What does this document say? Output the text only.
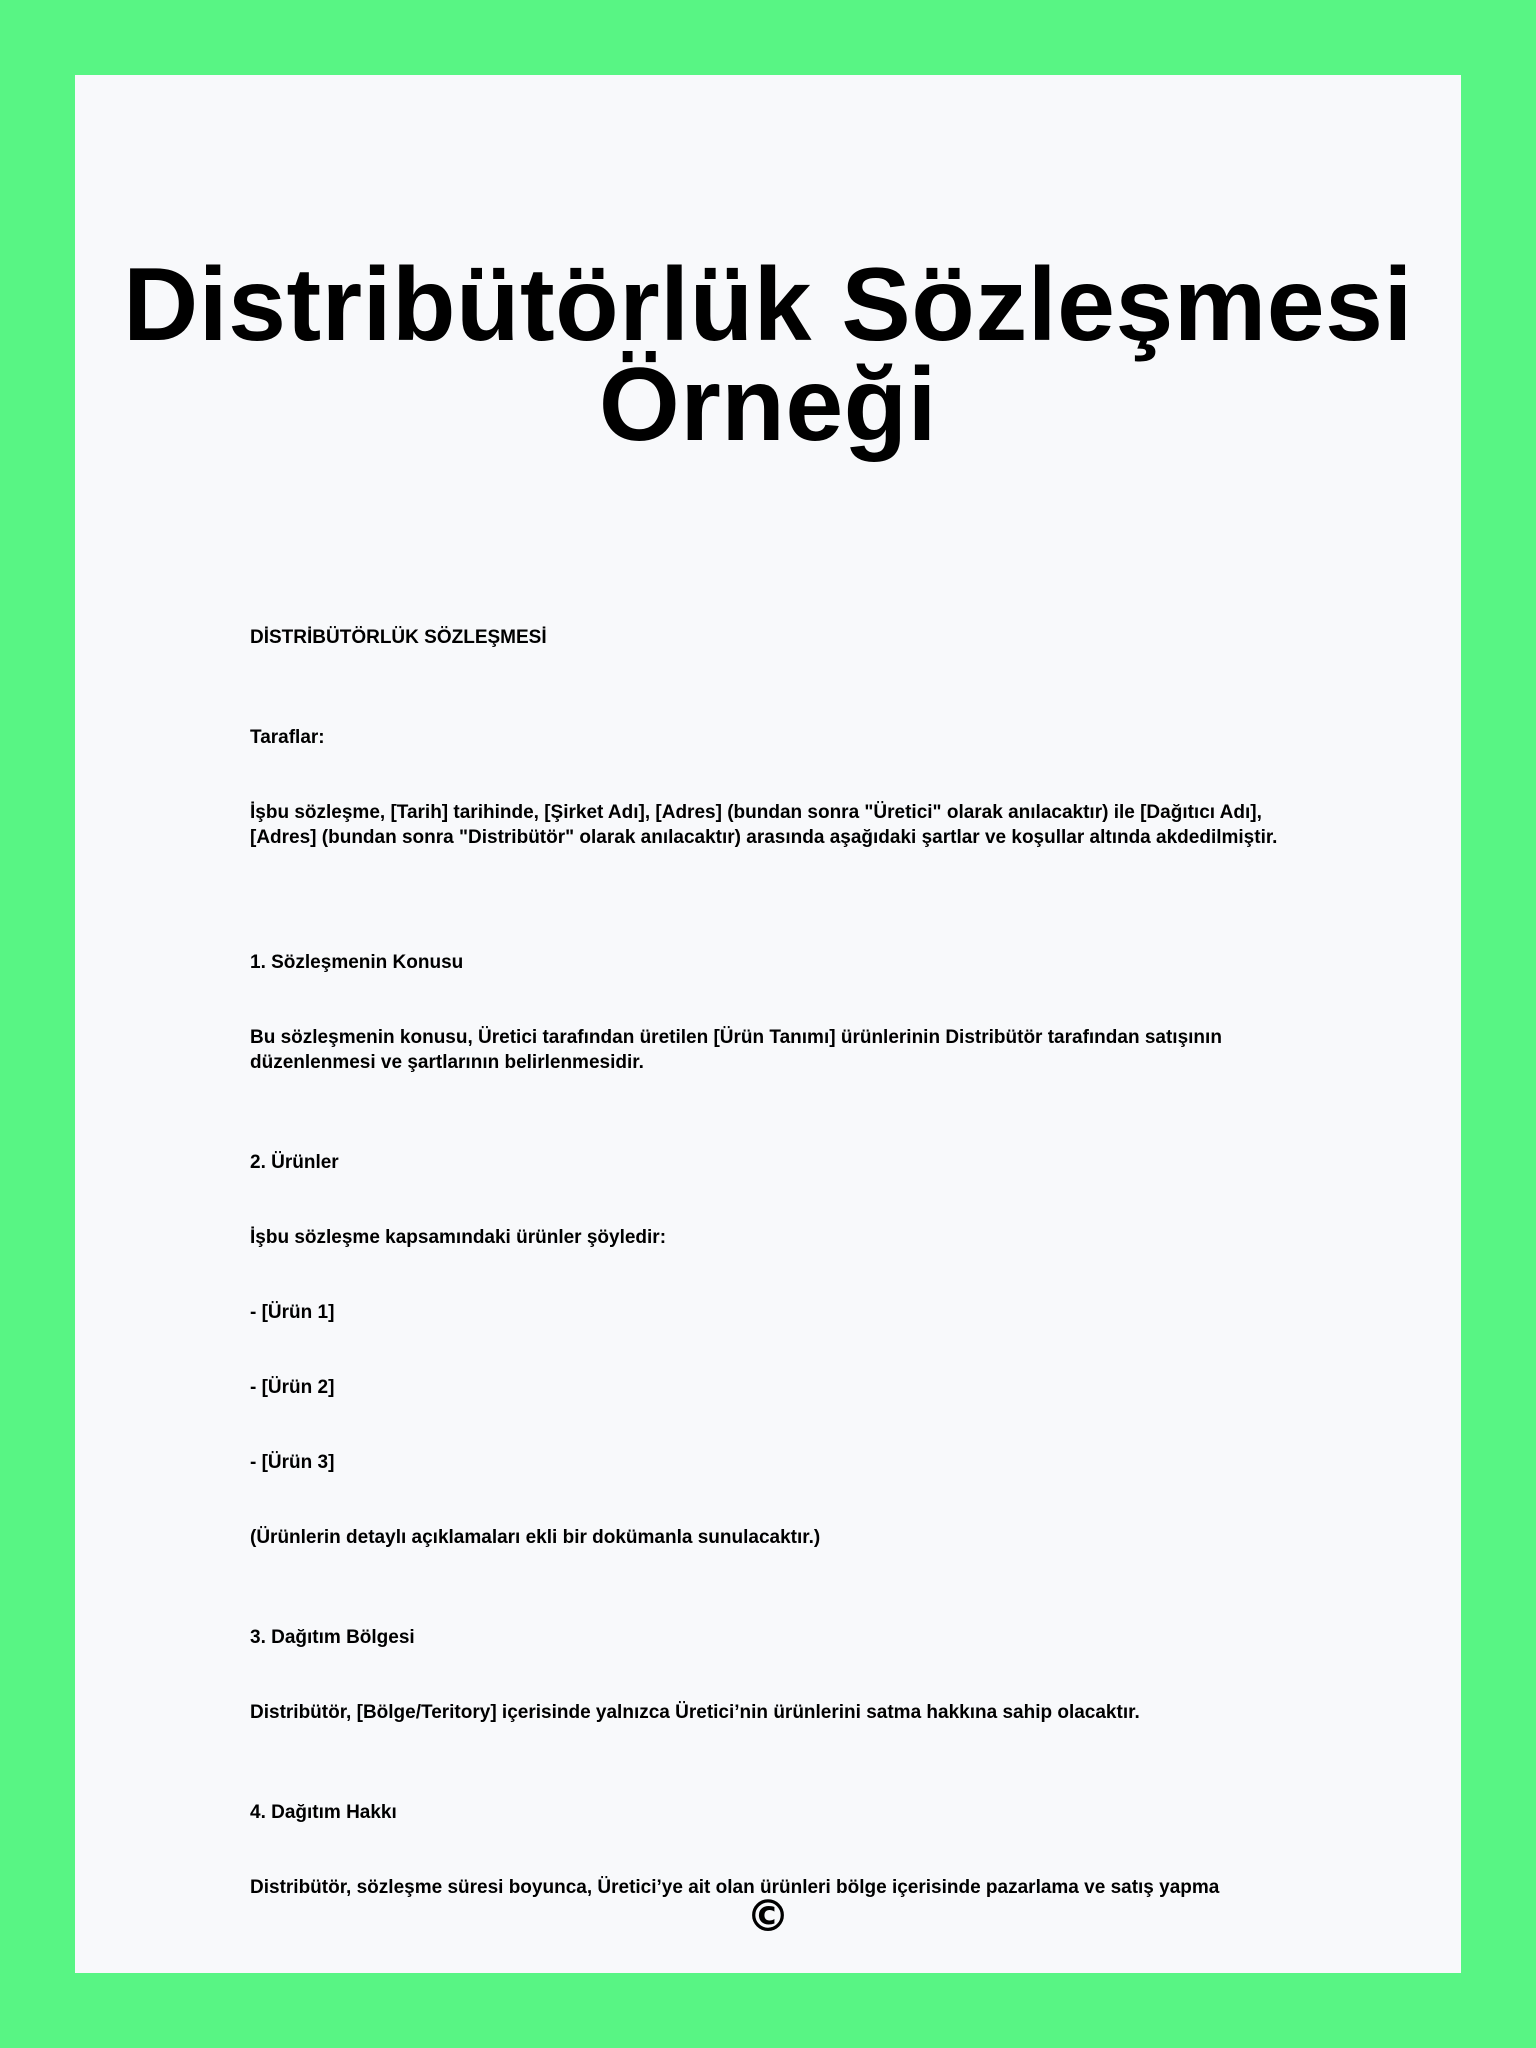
Distribütörlük Sözleşmesi Örneği

DİSTRİBÜTÖRLÜK SÖZLEŞMESİ

Taraflar:

İşbu sözleşme, [Tarih] tarihinde, [Şirket Adı], [Adres] (bundan sonra "Üretici" olarak anılacaktır) ile [Dağıtıcı Adı], [Adres] (bundan sonra "Distribütör" olarak anılacaktır) arasında aşağıdaki şartlar ve koşullar altında akdedilmiştir.

1. Sözleşmenin Konusu

Bu sözleşmenin konusu, Üretici tarafından üretilen [Ürün Tanımı] ürünlerinin Distribütör tarafından satışının düzenlenmesi ve şartlarının belirlenmesidir.

2. Ürünler

İşbu sözleşme kapsamındaki ürünler şöyledir:

- [Ürün 1]

- [Ürün 2]

- [Ürün 3]

(Ürünlerin detaylı açıklamaları ekli bir dokümanla sunulacaktır.)

3. Dağıtım Bölgesi

Distribütör, [Bölge/Teritory] içerisinde yalnızca Üretici’nin ürünlerini satma hakkına sahip olacaktır.

4. Dağıtım Hakkı

Distribütör, sözleşme süresi boyunca, Üretici’ye ait olan ürünleri bölge içerisinde pazarlama ve satış yapma

©
